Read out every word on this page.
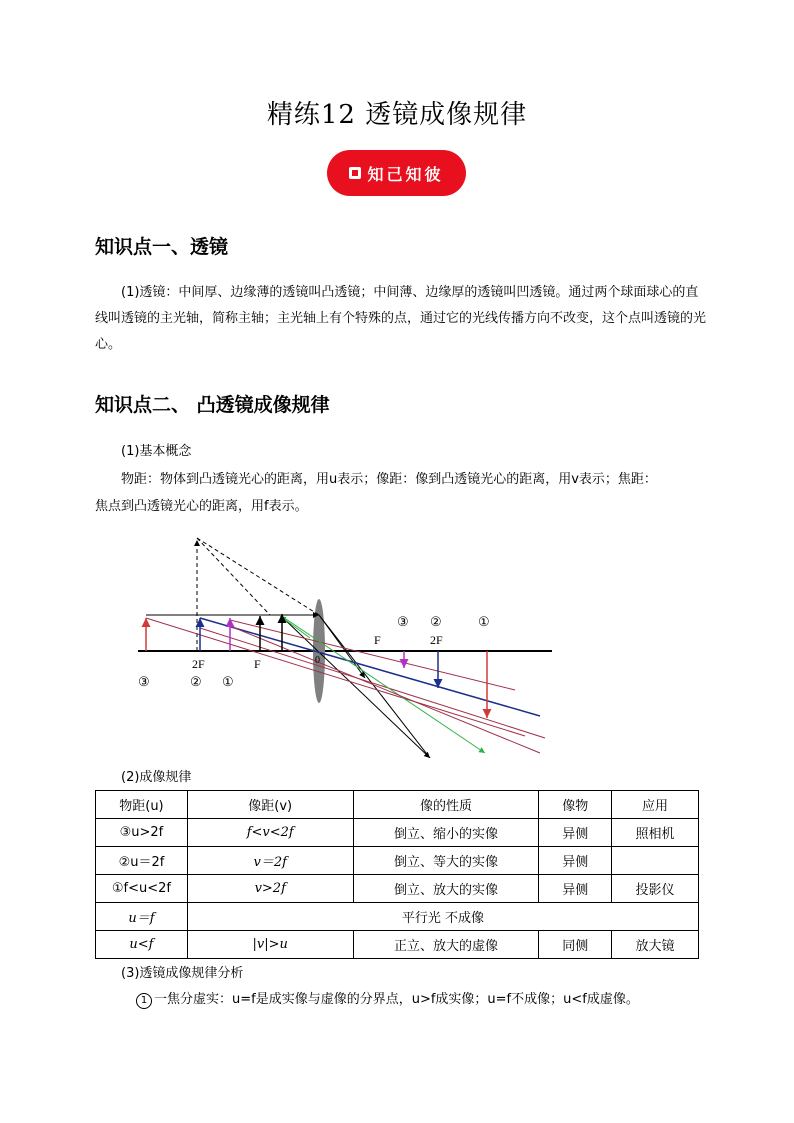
精练12 透镜成像规律
知己知彼
知识点一、透镜
(1)透镜：中间厚、边缘薄的透镜叫凸透镜；中间薄、边缘厚的透镜叫凹透镜。通过两个球面球心的直线叫透镜的主光轴，简称主轴；主光轴上有个特殊的点，通过它的光线传播方向不改变，这个点叫透镜的光心。
知识点二、 凸透镜成像规律
(1)基本概念
物距：物体到凸透镜光心的距离，用u表示；像距：像到凸透镜光心的距离，用v表示；焦距：
焦点到凸透镜光心的距离，用f表示。
2F	F	0
F	2F
③	② ①
③ ②	①
(2)成像规律
物距(u)	像距(v)	像的性质	像物	应用
③u>2f	f<v<2f	倒立、缩小的实像	异侧	照相机
②u＝2f	v＝2f	倒立、等大的实像	异侧	
①f<u<2f	v>2f	倒立、放大的实像	异侧	投影仪
u＝f	平行光 不成像			
u<f	|v|>u	正立、放大的虚像	同侧	放大镜
(3)透镜成像规律分析
1 一焦分虚实：u=f是成实像与虚像的分界点，u>f成实像；u=f不成像；u<f成虚像。
